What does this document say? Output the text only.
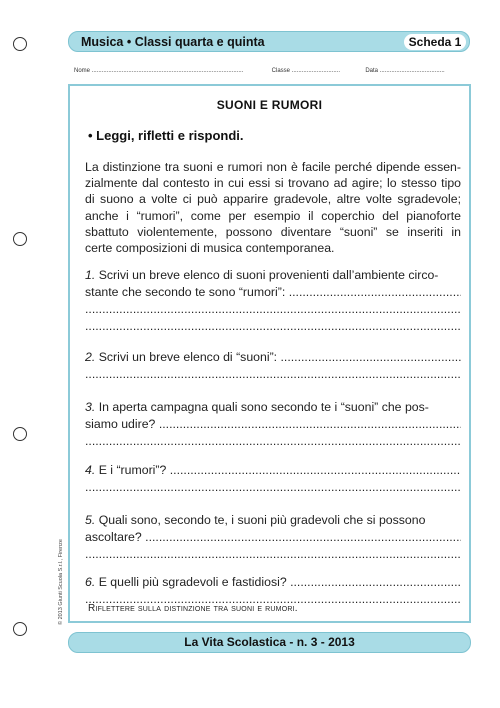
Musica • Classi quarta e quinta	Scheda 1
Nome ...........................................................................................	Classe .............................	Data .......................................
SUONI E RUMORI
• Leggi, rifletti e rispondi.
La distinzione tra suoni e rumori non è facile perché dipende essen-
zialmente dal contesto in cui essi si trovano ad agire; lo stesso tipo
di suono a volte ci può apparire gradevole, altre volte sgradevole;
anche i “rumori”, come per esempio il coperchio del pianoforte
sbattuto violentemente, possono diventare “suoni” se inseriti in
certe composizioni di musica contemporanea.
1. Scrivi un breve elenco di suoni provenienti dall’ambiente circo-
stante che secondo te sono “rumori”: .....
.....
.....
2. Scrivi un breve elenco di “suoni”: .....
.....
3. In aperta campagna quali sono secondo te i “suoni” che pos-
siamo udire? .....
.....
4. E i “rumori”? .....
.....
5. Quali sono, secondo te, i suoni più gradevoli che si possono
ascoltare? .....
.....
6. E quelli più sgradevoli e fastidiosi? .....
.....
Riflettere sulla distinzione tra suoni e rumori.
© 2013 Giunti Scuola S.r.l., Firenze
La Vita Scolastica - n. 3 - 2013
